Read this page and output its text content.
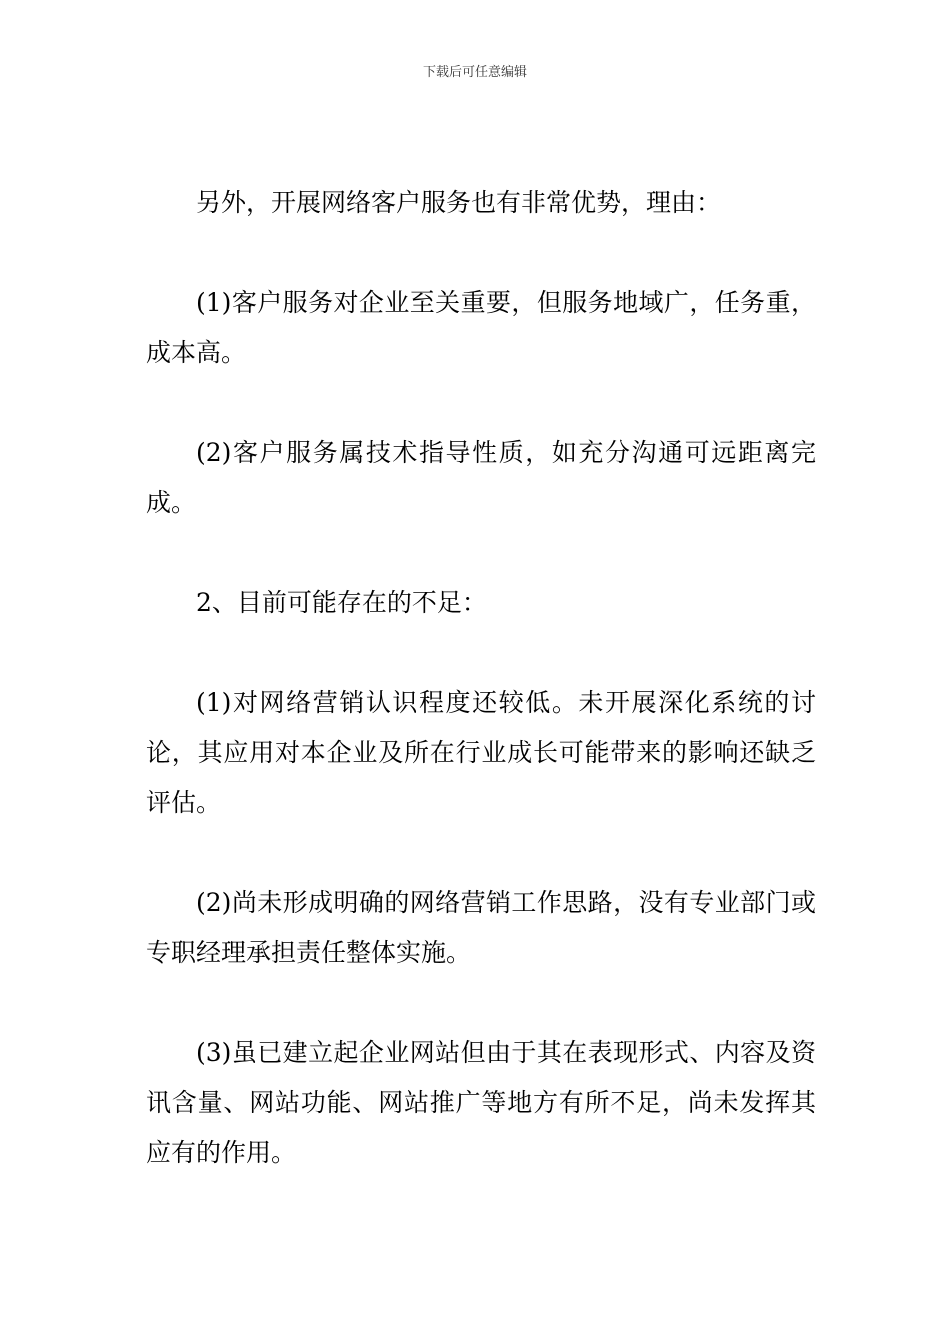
下载后可任意编辑

另外，开展网络客户服务也有非常优势，理由：

(1)客户服务对企业至关重要，但服务地域广，任务重，成本高。

(2)客户服务属技术指导性质，如充分沟通可远距离完成。

2、目前可能存在的不足：

(1)对网络营销认识程度还较低。未开展深化系统的讨论，其应用对本企业及所在行业成长可能带来的影响还缺乏评估。

(2)尚未形成明确的网络营销工作思路，没有专业部门或专职经理承担责任整体实施。

(3)虽已建立起企业网站但由于其在表现形式、内容及资讯含量、网站功能、网站推广等地方有所不足，尚未发挥其应有的作用。
